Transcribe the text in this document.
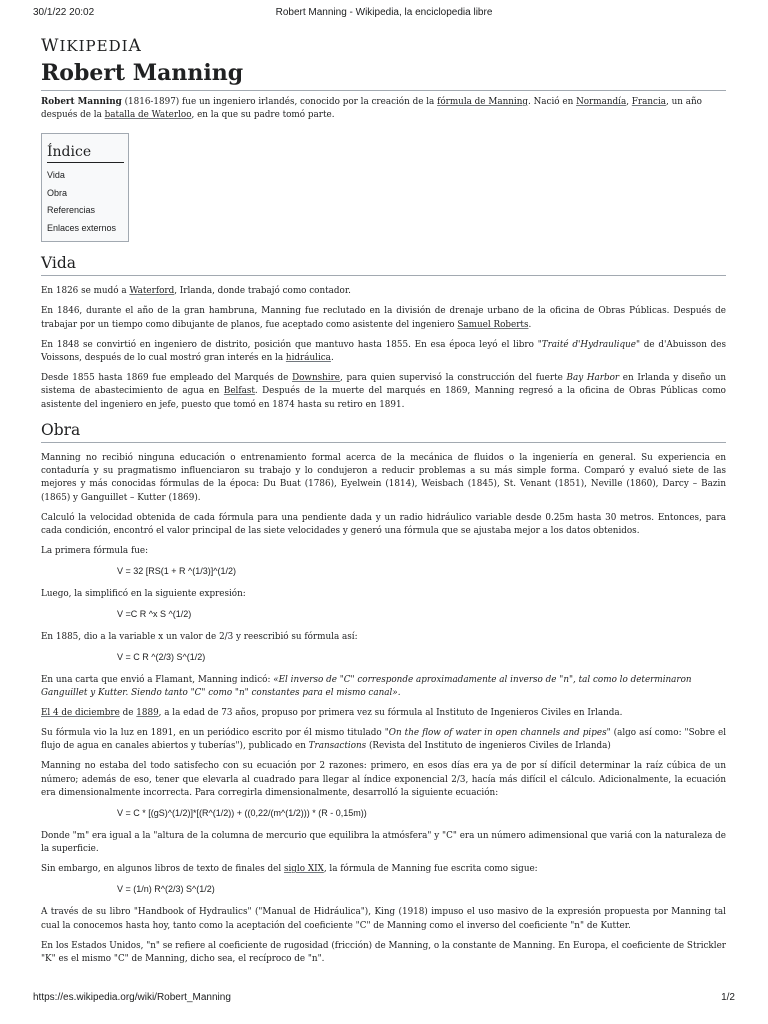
30/1/22 20:02	Robert Manning - Wikipedia, la enciclopedia libre
WIKIPEDIA
Robert Manning

Robert Manning (1816-1897) fue un ingeniero irlandés, conocido por la creación de la fórmula de Manning. Nació en Normandía, Francia, un año después de la batalla de Waterloo, en la que su padre tomó parte.

Índice
Vida
Obra
Referencias
Enlaces externos
Vida

En 1826 se mudó a Waterford, Irlanda, donde trabajó como contador.

En 1846, durante el año de la gran hambruna, Manning fue reclutado en la división de drenaje urbano de la oficina de Obras Públicas. Después de trabajar por un tiempo como dibujante de planos, fue aceptado como asistente del ingeniero Samuel Roberts.

En 1848 se convirtió en ingeniero de distrito, posición que mantuvo hasta 1855. En esa época leyó el libro "Traité d'Hydraulique" de d'Abuisson des Voissons, después de lo cual mostró gran interés en la hidráulica.

Desde 1855 hasta 1869 fue empleado del Marqués de Downshire, para quien supervisó la construcción del fuerte Bay Harbor en Irlanda y diseño un sistema de abastecimiento de agua en Belfast. Después de la muerte del marqués en 1869, Manning regresó a la oficina de Obras Públicas como asistente del ingeniero en jefe, puesto que tomó en 1874 hasta su retiro en 1891.

Obra

Manning no recibió ninguna educación o entrenamiento formal acerca de la mecánica de fluidos o la ingeniería en general. Su experiencia en contaduría y su pragmatismo influenciaron su trabajo y lo condujeron a reducir problemas a su más simple forma. Comparó y evaluó siete de las mejores y más conocidas fórmulas de la época: Du Buat (1786), Eyelwein (1814), Weisbach (1845), St. Venant (1851), Neville (1860), Darcy – Bazin (1865) y Ganguillet – Kutter (1869).

Calculó la velocidad obtenida de cada fórmula para una pendiente dada y un radio hidráulico variable desde 0.25m hasta 30 metros. Entonces, para cada condición, encontró el valor principal de las siete velocidades y generó una fórmula que se ajustaba mejor a los datos obtenidos.

La primera fórmula fue:

V = 32 [RS(1 + R ^(1/3)]^(1/2)

Luego, la simplificó en la siguiente expresión:

V =C R ^x S ^(1/2)

En 1885, dio a la variable x un valor de 2/3 y reescribió su fórmula así:

V = C R ^(2/3) S^(1/2)

En una carta que envió a Flamant, Manning indicó: «El inverso de "C" corresponde aproximadamente al inverso de "n", tal como lo determinaron Ganguillet y Kutter. Siendo tanto "C" como "n" constantes para el mismo canal».

El 4 de diciembre de 1889, a la edad de 73 años, propuso por primera vez su fórmula al Instituto de Ingenieros Civiles en Irlanda.

Su fórmula vio la luz en 1891, en un periódico escrito por él mismo titulado "On the flow of water in open channels and pipes" (algo así como: "Sobre el flujo de agua en canales abiertos y tuberías"), publicado en Transactions (Revista del Instituto de ingenieros Civiles de Irlanda)

Manning no estaba del todo satisfecho con su ecuación por 2 razones: primero, en esos días era ya de por sí difícil determinar la raíz cúbica de un número; además de eso, tener que elevarla al cuadrado para llegar al índice exponencial 2/3, hacía más difícil el cálculo. Adicionalmente, la ecuación era dimensionalmente incorrecta. Para corregirla dimensionalmente, desarrolló la siguiente ecuación:

V = C * [(gS)^(1/2)]*[(R^(1/2)) + ((0,22/(m^(1/2))) * (R - 0,15m))

Donde "m" era igual a la "altura de la columna de mercurio que equilibra la atmósfera" y "C" era un número adimensional que variá con la naturaleza de la superficie.

Sin embargo, en algunos libros de texto de finales del siglo XIX, la fórmula de Manning fue escrita como sigue:

V = (1/n) R^(2/3) S^(1/2)

A través de su libro "Handbook of Hydraulics" ("Manual de Hidráulica"), King (1918) impuso el uso masivo de la expresión propuesta por Manning tal cual la conocemos hasta hoy, tanto como la aceptación del coeficiente "C" de Manning como el inverso del coeficiente "n" de Kutter.

En los Estados Unidos, "n" se refiere al coeficiente de rugosidad (fricción) de Manning, o la constante de Manning. En Europa, el coeficiente de Strickler "K" es el mismo "C" de Manning, dicho sea, el recíproco de "n".

https://es.wikipedia.org/wiki/Robert_Manning	1/2
